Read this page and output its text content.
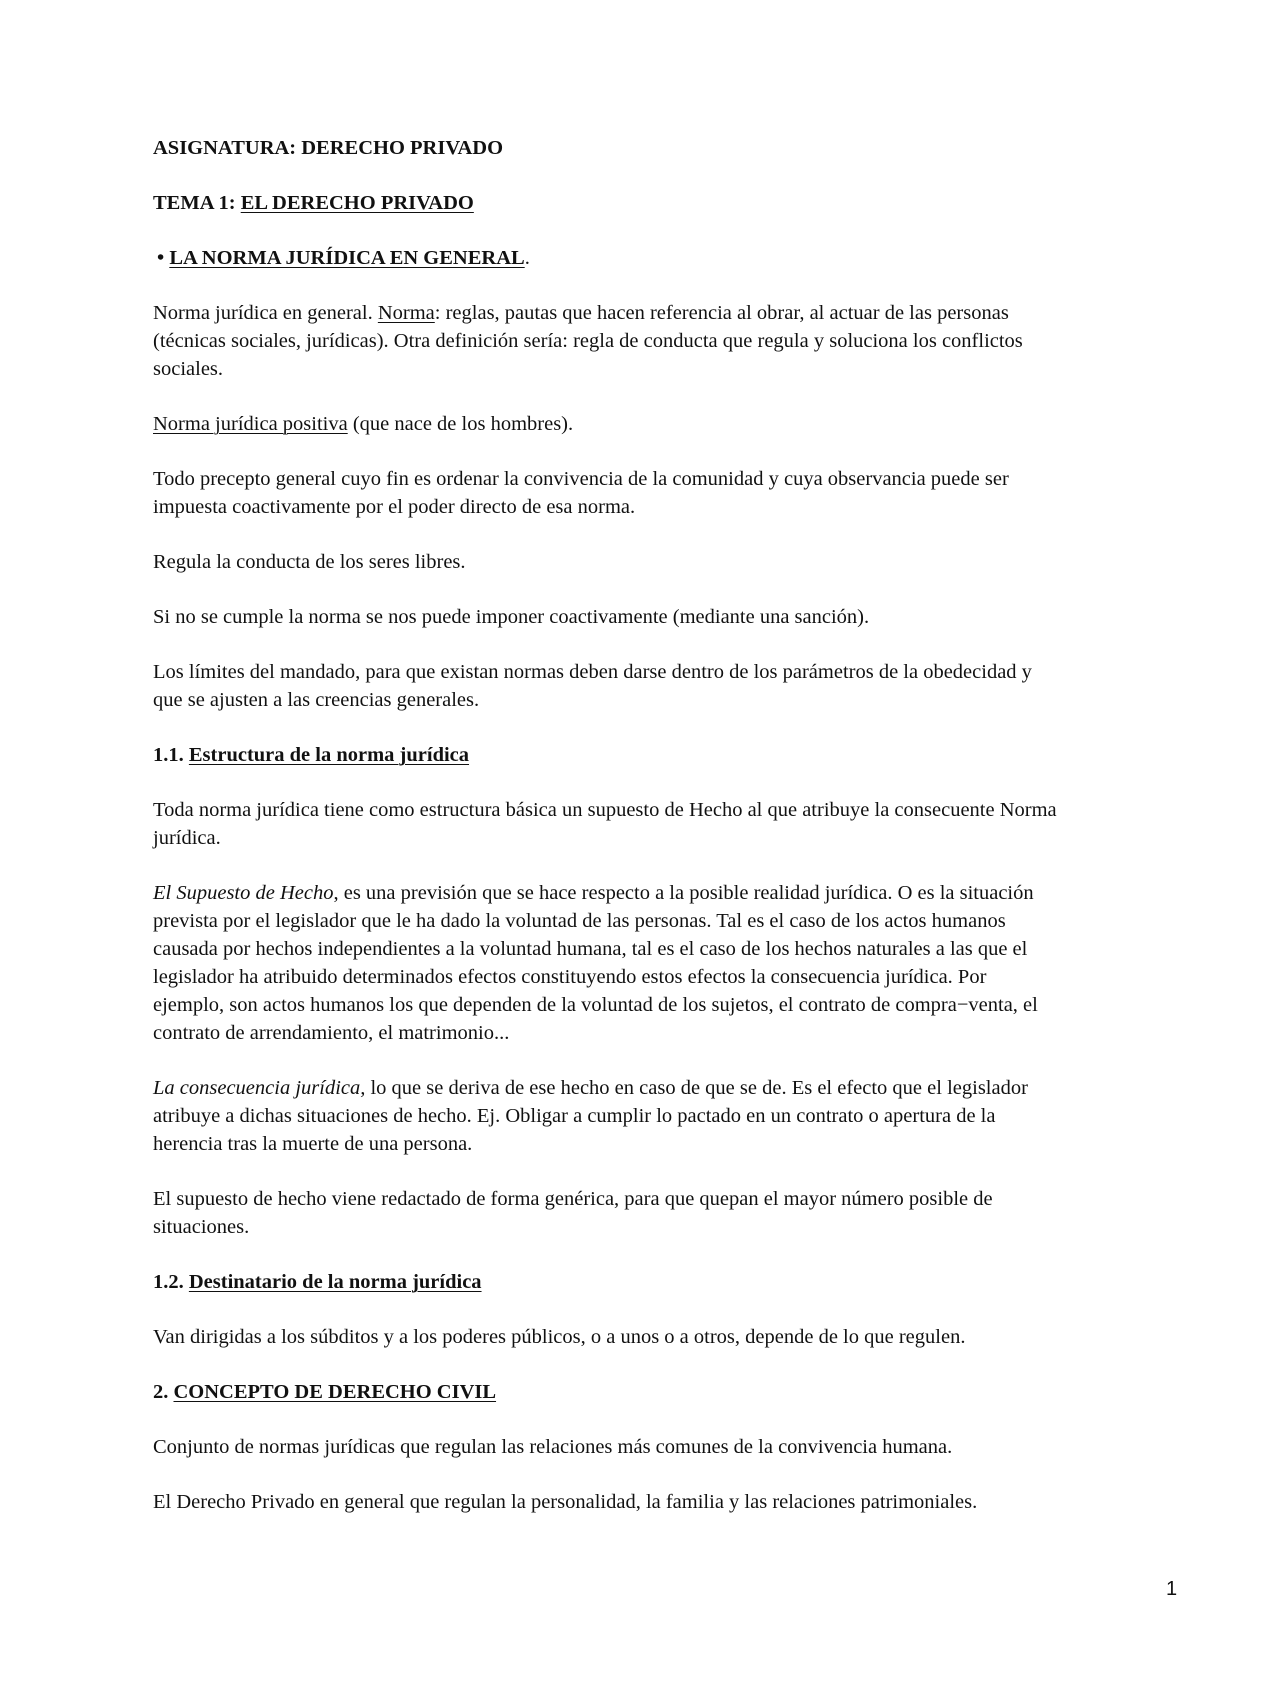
ASIGNATURA: DERECHO PRIVADO
TEMA 1: EL DERECHO PRIVADO
• LA NORMA JURÍDICA EN GENERAL.
Norma jurídica en general. Norma: reglas, pautas que hacen referencia al obrar, al actuar de las personas
(técnicas sociales, jurídicas). Otra definición sería: regla de conducta que regula y soluciona los conflictos
sociales.
Norma jurídica positiva (que nace de los hombres).
Todo precepto general cuyo fin es ordenar la convivencia de la comunidad y cuya observancia puede ser
impuesta coactivamente por el poder directo de esa norma.
Regula la conducta de los seres libres.
Si no se cumple la norma se nos puede imponer coactivamente (mediante una sanción).
Los límites del mandado, para que existan normas deben darse dentro de los parámetros de la obedecidad y
que se ajusten a las creencias generales.
1.1. Estructura de la norma jurídica
Toda norma jurídica tiene como estructura básica un supuesto de Hecho al que atribuye la consecuente Norma
jurídica.
El Supuesto de Hecho, es una previsión que se hace respecto a la posible realidad jurídica. O es la situación
prevista por el legislador que le ha dado la voluntad de las personas. Tal es el caso de los actos humanos
causada por hechos independientes a la voluntad humana, tal es el caso de los hechos naturales a las que el
legislador ha atribuido determinados efectos constituyendo estos efectos la consecuencia jurídica. Por
ejemplo, son actos humanos los que dependen de la voluntad de los sujetos, el contrato de compra−venta, el
contrato de arrendamiento, el matrimonio...
La consecuencia jurídica, lo que se deriva de ese hecho en caso de que se de. Es el efecto que el legislador
atribuye a dichas situaciones de hecho. Ej. Obligar a cumplir lo pactado en un contrato o apertura de la
herencia tras la muerte de una persona.
El supuesto de hecho viene redactado de forma genérica, para que quepan el mayor número posible de
situaciones.
1.2. Destinatario de la norma jurídica
Van dirigidas a los súbditos y a los poderes públicos, o a unos o a otros, depende de lo que regulen.
2. CONCEPTO DE DERECHO CIVIL
Conjunto de normas jurídicas que regulan las relaciones más comunes de la convivencia humana.
El Derecho Privado en general que regulan la personalidad, la familia y las relaciones patrimoniales.
1
